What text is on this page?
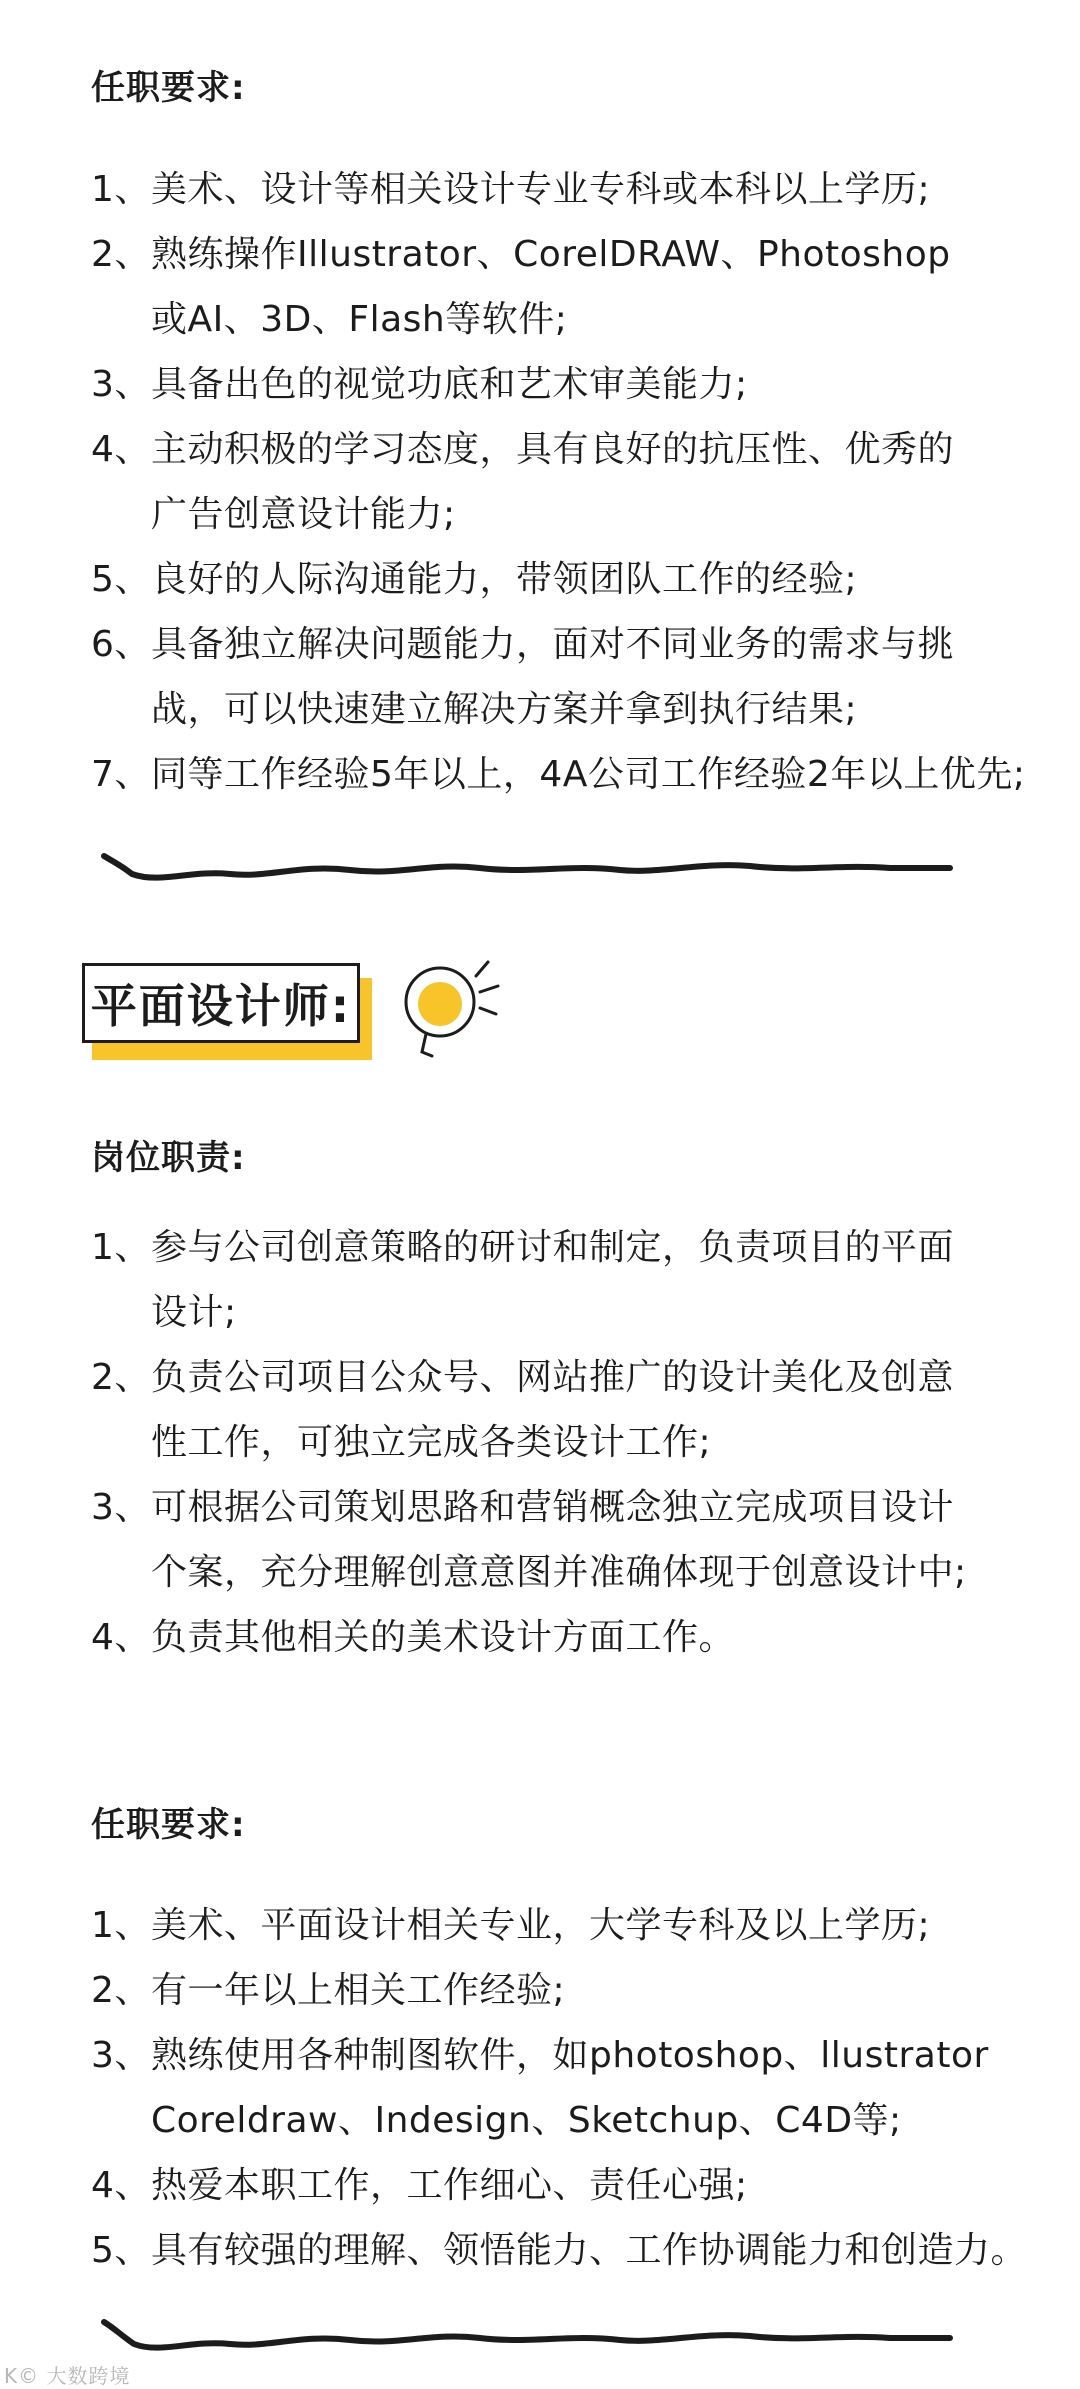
任职要求:
1、 美术、设计等相关设计专业专科或本科以上学历;
2、 熟练操作Illustrator、CorelDRAW、Photoshop
或AI、3D、Flash等软件;
3、 具备出色的视觉功底和艺术审美能力;
4、 主动积极的学习态度，具有良好的抗压性、优秀的
广告创意设计能力;
5、 良好的人际沟通能力，带领团队工作的经验;
6、 具备独立解决问题能力，面对不同业务的需求与挑
战，可以快速建立解决方案并拿到执行结果;
7、 同等工作经验5年以上，4A公司工作经验2年以上优先;
平面设计师:
岗位职责:
1、 参与公司创意策略的研讨和制定，负责项目的平面
设计;
2、 负责公司项目公众号、网站推广的设计美化及创意
性工作，可独立完成各类设计工作;
3、 可根据公司策划思路和营销概念独立完成项目设计
个案，充分理解创意意图并准确体现于创意设计中;
4、 负责其他相关的美术设计方面工作。
任职要求:
1、 美术、平面设计相关专业，大学专科及以上学历;
2、 有一年以上相关工作经验;
3、 熟练使用各种制图软件，如photoshop、llustrator
Coreldraw、Indesign、Sketchup、C4D等;
4、 热爱本职工作，工作细心、责任心强;
5、 具有较强的理解、领悟能力、工作协调能力和创造力。
K© 大数跨境
